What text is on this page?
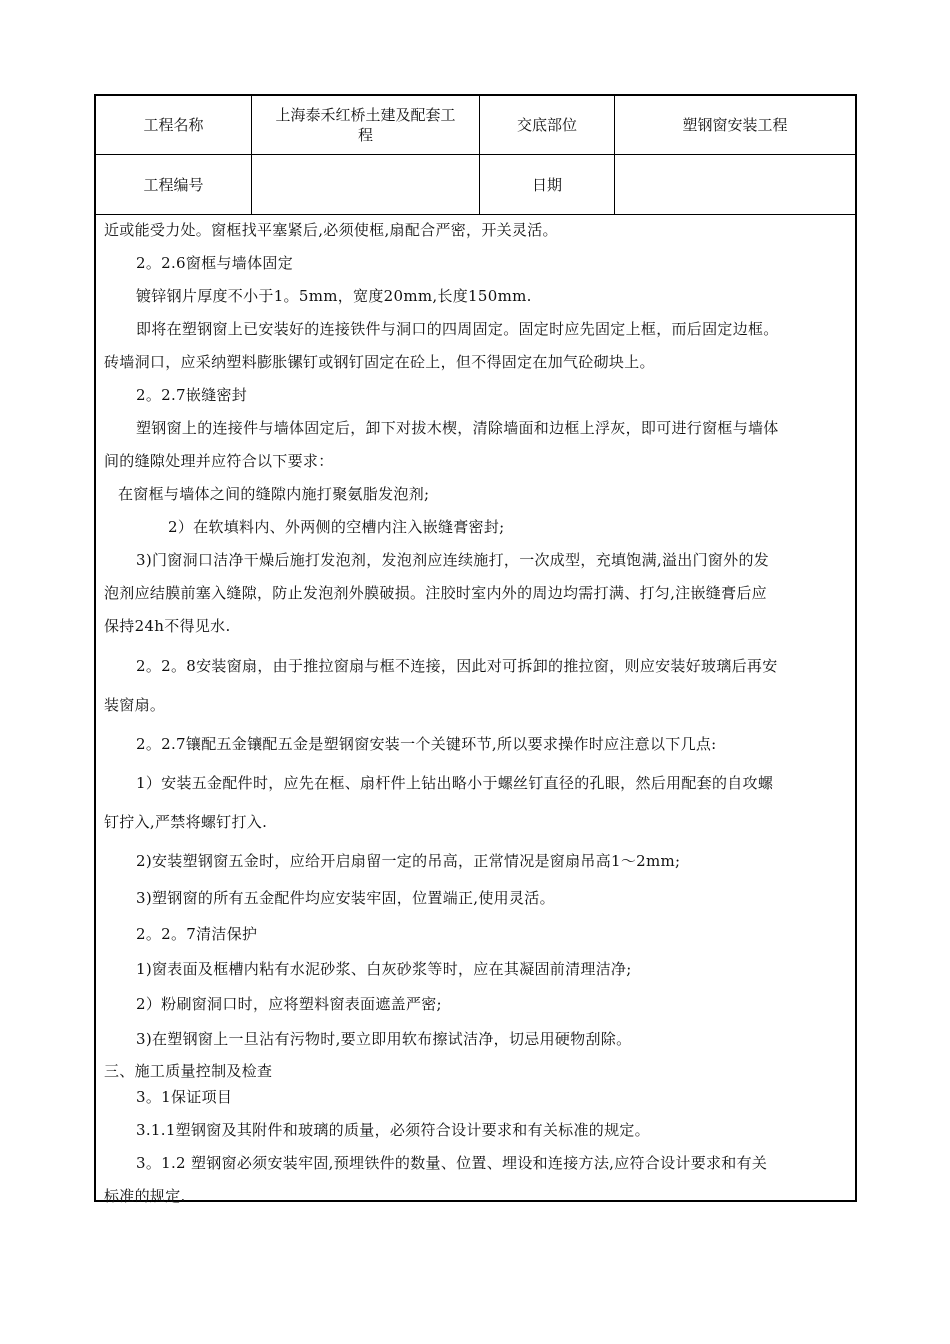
工程名称
上海泰禾红桥土建及配套工
程
交底部位	塑钢窗安装工程
工程编号	日期
近或能受力处。窗框找平塞紧后,必须使框,扇配合严密，开关灵活。
2。2.6窗框与墙体固定
镀锌钢片厚度不小于1。5mm，宽度20mm,长度150mm.
即将在塑钢窗上已安装好的连接铁件与洞口的四周固定。固定时应先固定上框，而后固定边框。
砖墙洞口，应采纳塑料膨胀镙钉或钢钉固定在砼上，但不得固定在加气砼砌块上。
2。2.7嵌缝密封
塑钢窗上的连接件与墙体固定后，卸下对拔木楔，清除墙面和边框上浮灰，即可进行窗框与墙体
间的缝隙处理并应符合以下要求：
在窗框与墙体之间的缝隙内施打聚氨脂发泡剂;
2）在软填料内、外两侧的空槽内注入嵌缝膏密封;
3)门窗洞口洁净干燥后施打发泡剂，发泡剂应连续施打，一次成型，充填饱满,溢出门窗外的发
泡剂应结膜前塞入缝隙，防止发泡剂外膜破损。注胶时室内外的周边均需打满、打匀,注嵌缝膏后应
保持24h不得见水.
2。2。8安装窗扇，由于推拉窗扇与框不连接，因此对可拆卸的推拉窗，则应安装好玻璃后再安
装窗扇。
2。2.7镶配五金镶配五金是塑钢窗安装一个关键环节,所以要求操作时应注意以下几点:
1）安装五金配件时，应先在框、扇杆件上钻出略小于螺丝钉直径的孔眼，然后用配套的自攻螺
钉拧入,严禁将螺钉打入.
2)安装塑钢窗五金时，应给开启扇留一定的吊高，正常情况是窗扇吊高1～2mm;
3)塑钢窗的所有五金配件均应安装牢固，位置端正,使用灵活。
2。2。7清洁保护
1)窗表面及框槽内粘有水泥砂浆、白灰砂浆等时，应在其凝固前清理洁净;
2）粉刷窗洞口时，应将塑料窗表面遮盖严密;
3)在塑钢窗上一旦沾有污物时,要立即用软布擦试洁净，切忌用硬物刮除。
三、施工质量控制及检查
3。1保证项目
3.1.1塑钢窗及其附件和玻璃的质量，必须符合设计要求和有关标准的规定。
3。1.2 塑钢窗必须安装牢固,预埋铁件的数量、位置、埋设和连接方法,应符合设计要求和有关
标准的规定.
